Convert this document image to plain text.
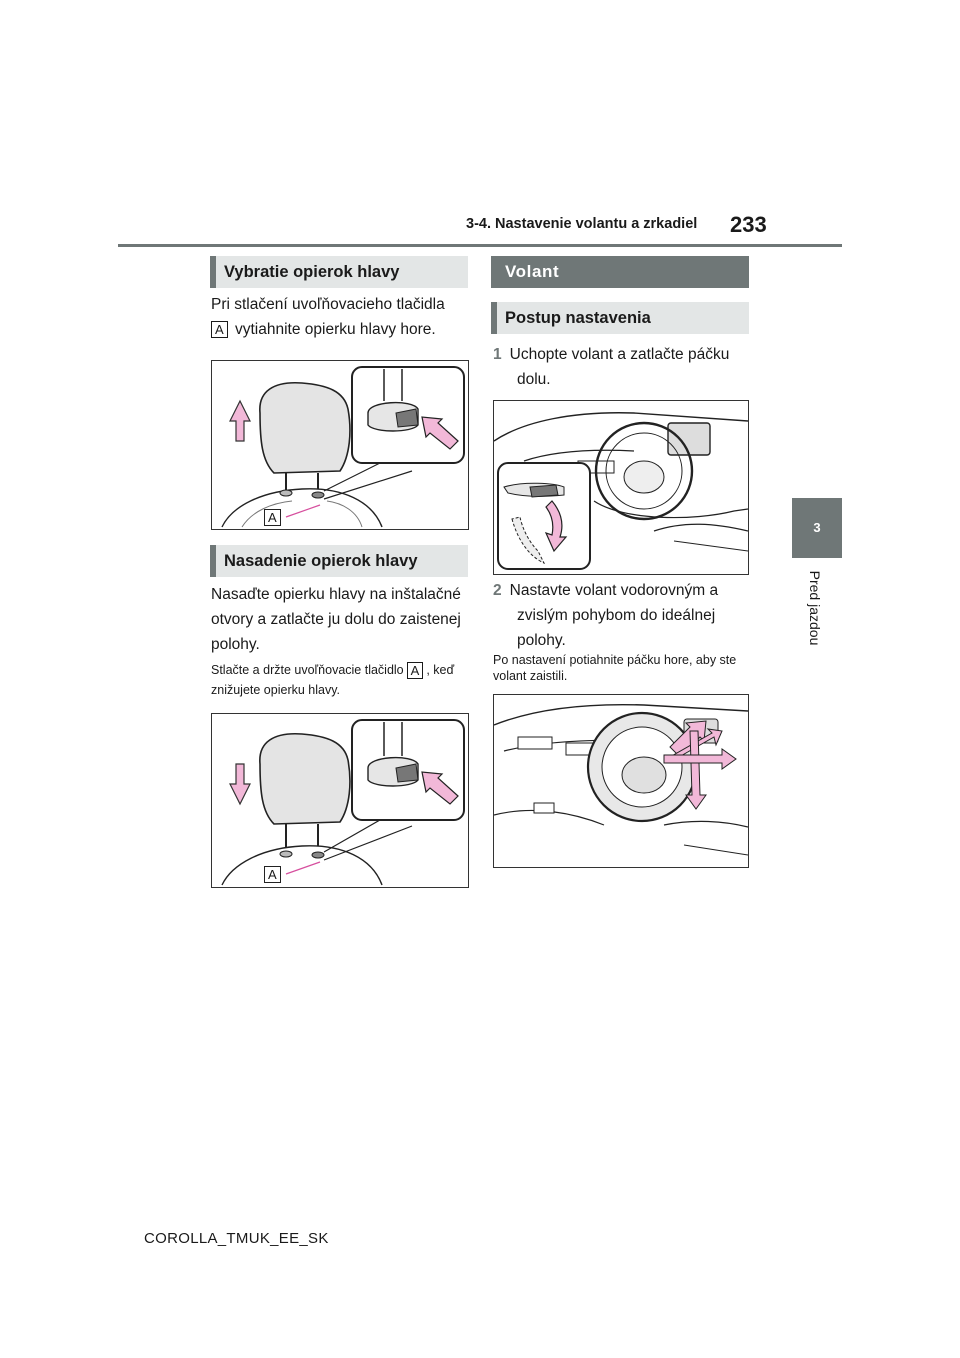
3-4. Nastavenie volantu a zrkadiel 233
3
Pred jazdou
Vybratie opierok hlavy
Pri stlačení uvoľňovacieho tlačidla
A vytiahnite opierku hlavy hore.
A
Nasadenie opierok hlavy
Nasaďte opierku hlavy na inštalačné otvory a zatlačte ju dolu do zaistenej polohy.
Stlačte a držte uvoľňovacie tlačidlo A , keď znižujete opierku hlavy.
A
Volant
Postup nastavenia
1 Uchopte volant a zatlačte páčku dolu.
2 Nastavte volant vodorovným a zvislým pohybom do ideálnej polohy.
Po nastavení potiahnite páčku hore, aby ste volant zaistili.
COROLLA_TMUK_EE_SK
